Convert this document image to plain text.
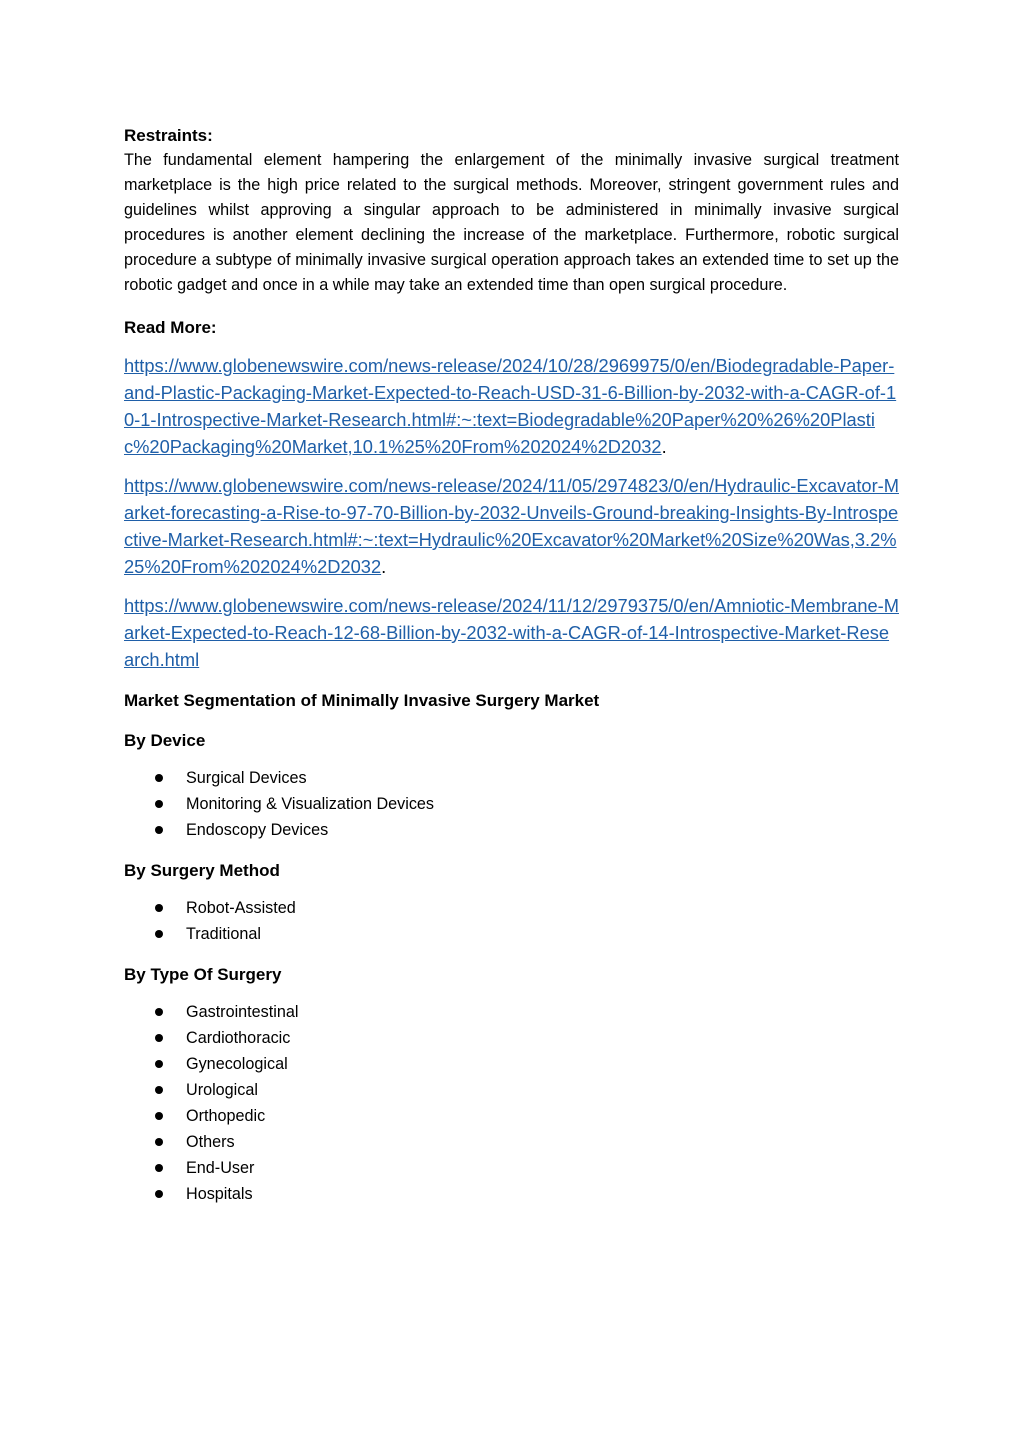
Restraints:

The fundamental element hampering the enlargement of the minimally invasive surgical treatment marketplace is the high price related to the surgical methods. Moreover, stringent government rules and guidelines whilst approving a singular approach to be administered in minimally invasive surgical procedures is another element declining the increase of the marketplace. Furthermore, robotic surgical procedure a subtype of minimally invasive surgical operation approach takes an extended time to set up the robotic gadget and once in a while may take an extended time than open surgical procedure.

Read More:

https://www.globenewswire.com/news-release/2024/10/28/2969975/0/en/Biodegradable-Paper-and-Plastic-Packaging-Market-Expected-to-Reach-USD-31-6-Billion-by-2032-with-a-CAGR-of-10-1-Introspective-Market-Research.html#:~:text=Biodegradable%20Paper%20%26%20Plastic%20Packaging%20Market,10.1%25%20From%202024%2D2032.

https://www.globenewswire.com/news-release/2024/11/05/2974823/0/en/Hydraulic-Excavator-Market-forecasting-a-Rise-to-97-70-Billion-by-2032-Unveils-Ground-breaking-Insights-By-Introspective-Market-Research.html#:~:text=Hydraulic%20Excavator%20Market%20Size%20Was,3.2%25%20From%202024%2D2032.

https://www.globenewswire.com/news-release/2024/11/12/2979375/0/en/Amniotic-Membrane-Market-Expected-to-Reach-12-68-Billion-by-2032-with-a-CAGR-of-14-Introspective-Market-Research.html

Market Segmentation of Minimally Invasive Surgery Market

By Device

Surgical Devices
Monitoring & Visualization Devices
Endoscopy Devices

By Surgery Method

Robot-Assisted
Traditional

By Type Of Surgery

Gastrointestinal
Cardiothoracic
Gynecological
Urological
Orthopedic
Others
End-User
Hospitals
